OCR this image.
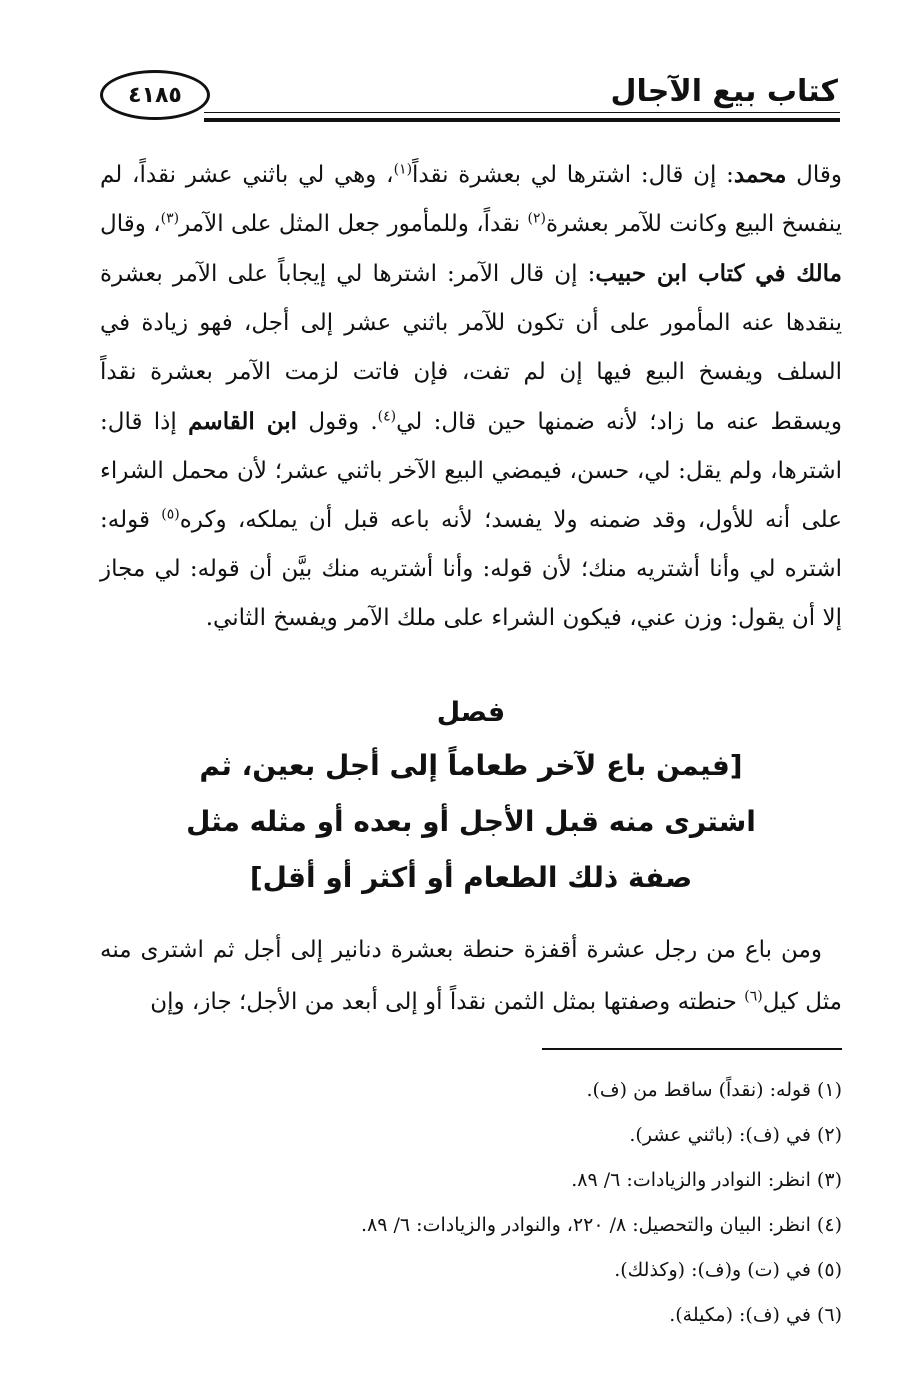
٤١٨٥	كتاب بيع الآجال

وقال محمد: إن قال: اشترها لي بعشرة نقداً$^{(١)}$، وهي لي باثني عشر نقداً، لم ينفسخ البيع وكانت للآمر بعشرة$^{(٢)}$ نقداً، وللمأمور جعل المثل على الآمر$^{(٣)}$، وقال مالك في كتاب ابن حبيب: إن قال الآمر: اشترها لي إيجاباً على الآمر بعشرة ينقدها عنه المأمور على أن تكون للآمر باثني عشر إلى أجل، فهو زيادة في السلف ويفسخ البيع فيها إن لم تفت، فإن فاتت لزمت الآمر بعشرة نقداً ويسقط عنه ما زاد؛ لأنه ضمنها حين قال: لي$^{(٤)}$. وقول ابن القاسم إذا قال: اشترها، ولم يقل: لي، حسن، فيمضي البيع الآخر باثني عشر؛ لأن محمل الشراء على أنه للأول، وقد ضمنه ولا يفسد؛ لأنه باعه قبل أن يملكه، وكره$^{(٥)}$ قوله: اشتره لي وأنا أشتريه منك؛ لأن قوله: وأنا أشتريه منك بيَّن أن قوله: لي مجاز إلا أن يقول: وزن عني، فيكون الشراء على ملك الآمر ويفسخ الثاني.

فصل
[فيمن باع لآخر طعاماً إلى أجل بعين، ثم
اشترى منه قبل الأجل أو بعده أو مثله مثل
صفة ذلك الطعام أو أكثر أو أقل]

ومن باع من رجل عشرة أقفزة حنطة بعشرة دنانير إلى أجل ثم اشترى منه مثل كيل$^{(٦)}$ حنطته وصفتها بمثل الثمن نقداً أو إلى أبعد من الأجل؛ جاز، وإن

(١) قوله: (نقداً) ساقط من (ف).

(٢) في (ف): (باثني عشر).

(٣) انظر: النوادر والزيادات: ٦/ ٨٩.

(٤) انظر: البيان والتحصيل: ٨/ ٢٢٠، والنوادر والزيادات: ٦/ ٨٩.

(٥) في (ت) و(ف): (وكذلك).

(٦) في (ف): (مكيلة).
